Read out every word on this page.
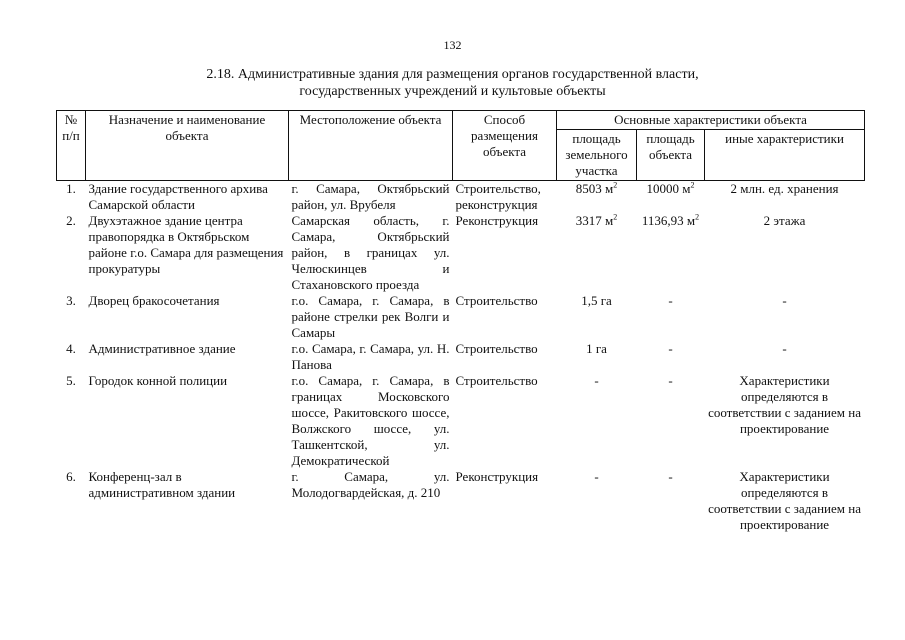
132
2.18. Административные здания для размещения органов государственной власти,
государственных учреждений и культовые объекты
№ п/п	Назначение и наименование объекта	Местоположение объекта	Способ размещения объекта	Основные характеристики объекта		
				площадь земельного участка	площадь объекта	иные характеристики
1.	Здание государственного архива Самарской области	г. Самара, Октябрьский район, ул. Врубеля	Строительство, реконструкция	8503 $м^2$	10000 $м^2$	2 млн. ед. хранения
2.	Двухэтажное здание центра правопорядка в Октябрьском районе г.о. Самара для размещения прокуратуры	Самарская область, г. Самара, Октябрьский район, в границах ул. Челюскинцев и Стахановского проезда	Реконструкция	3317 $м^2$	1136,93 $м^2$	2 этажа
3.	Дворец бракосочетания	г.о. Самара, г. Самара, в районе стрелки рек Волги и Самары	Строительство	1,5 га	-	-
4.	Административное здание	г.о. Самара, г. Самара, ул. Н. Панова	Строительство	1 га	-	-
5.	Городок конной полиции	г.о. Самара, г. Самара, в границах Московского шоссе, Ракитовского шоссе, Волжского шоссе, ул. Ташкентской, ул. Демократической	Строительство	-	-	Характеристики определяются в соответствии с заданием на проектирование
6.	Конференц-зал в административном здании	г. Самара, ул. Молодогвардейская, д. 210	Реконструкция	-	-	Характеристики определяются в соответствии с заданием на проектирование
